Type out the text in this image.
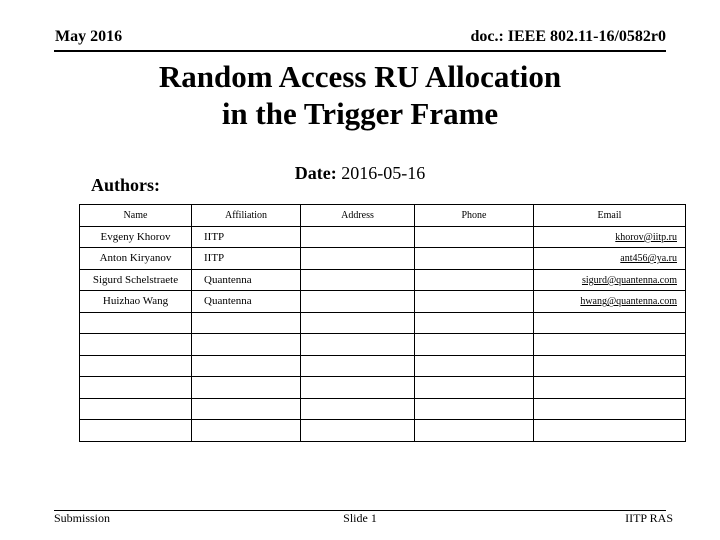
May 2016	doc.: IEEE 802.11-16/0582r0
Random Access RU Allocation
in the Trigger Frame
Date: 2016-05-16
Authors:
Name	Affiliation	Address	Phone	Email
Evgeny Khorov	IITP			khorov@iitp.ru
Anton Kiryanov	IITP			ant456@ya.ru
Sigurd Schelstraete	Quantenna			sigurd@quantenna.com
Huizhao Wang	Quantenna			hwang@quantenna.com

Submission	Slide 1	IITP RAS
